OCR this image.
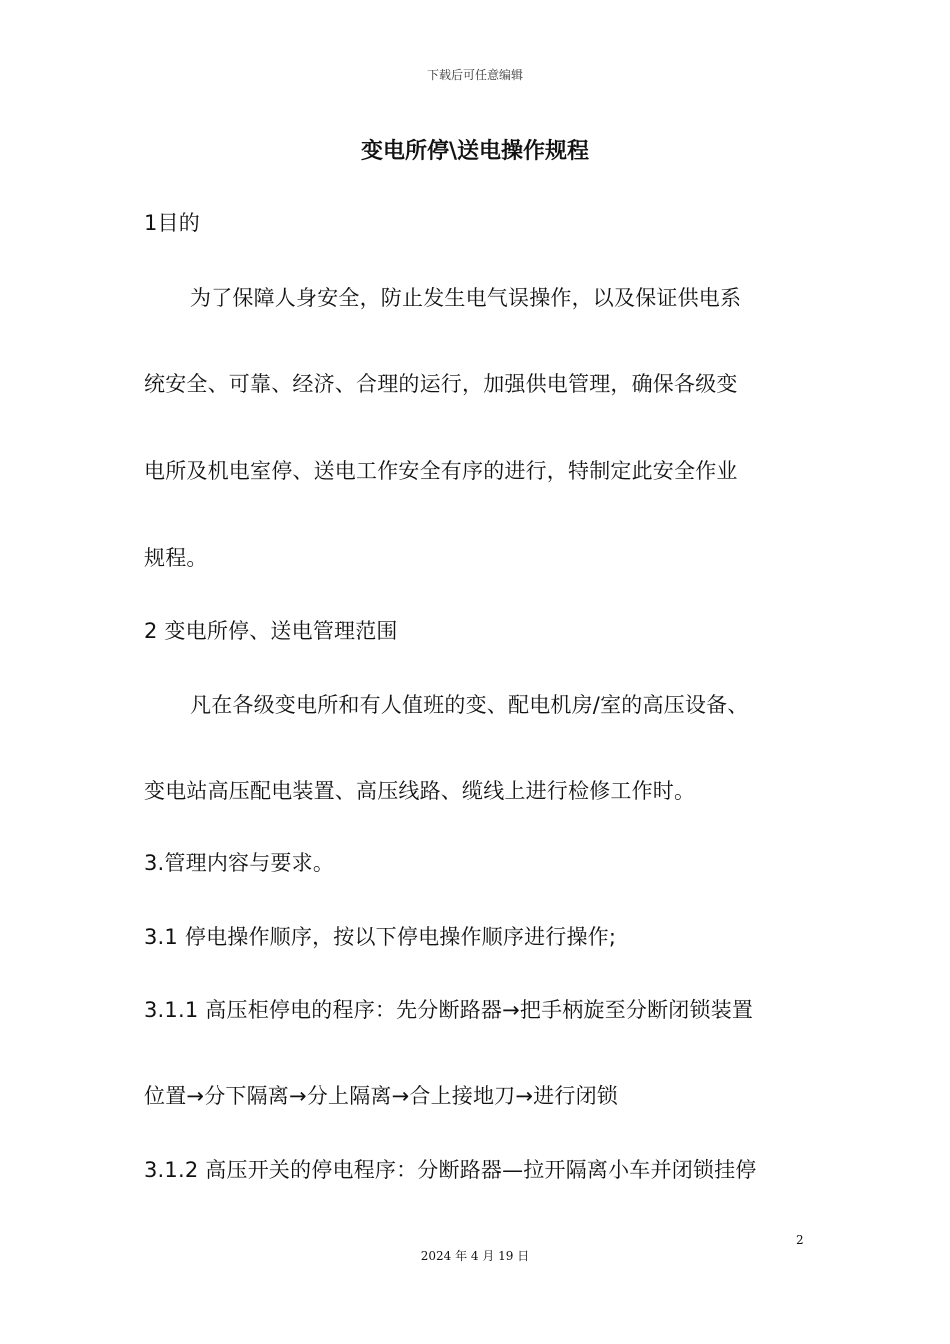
下载后可任意编辑
变电所停\送电操作规程
1目的
为了保障人身安全，防止发生电气误操作，以及保证供电系
统安全、可靠、经济、合理的运行，加强供电管理，确保各级变
电所及机电室停、送电工作安全有序的进行，特制定此安全作业
规程。
2 变电所停、送电管理范围
凡在各级变电所和有人值班的变、配电机房/室的高压设备、
变电站高压配电装置、高压线路、缆线上进行检修工作时。
3.管理内容与要求。
3.1 停电操作顺序，按以下停电操作顺序进行操作;
3.1.1 高压柜停电的程序：先分断路器→把手柄旋至分断闭锁装置
位置→分下隔离→分上隔离→合上接地刀→进行闭锁
3.1.2 高压开关的停电程序：分断路器—拉开隔离小车并闭锁挂停
2
2024 年 4 月 19 日
